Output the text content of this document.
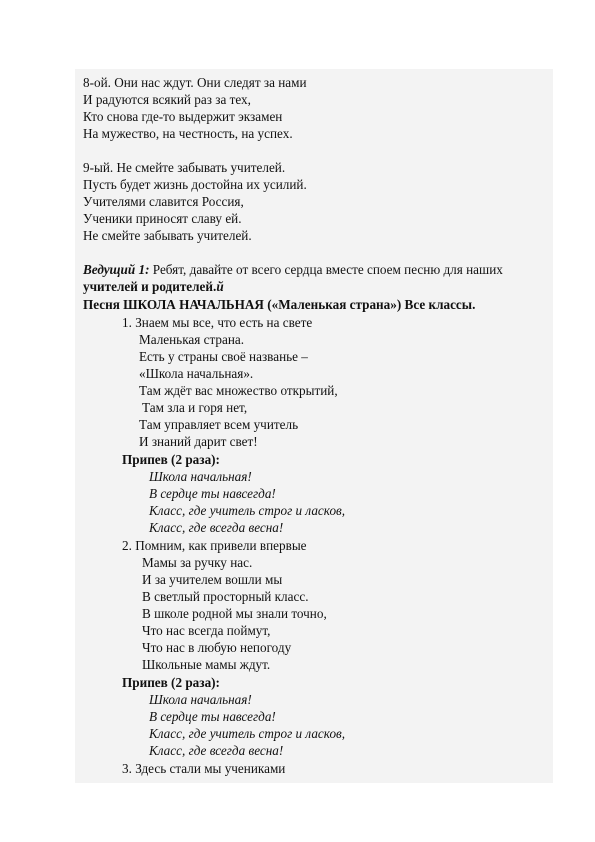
8-ой. Они нас ждут. Они следят за нами
И радуются всякий раз за тех,
Кто снова где-то выдержит экзамен
На мужество, на честность, на успех.
9-ый. Не смейте забывать учителей.
Пусть будет жизнь достойна их усилий.
Учителями славится Россия,
Ученики приносят славу ей.
Не смейте забывать учителей.
Ведущий 1: Ребят, давайте от всего сердца вместе споем песню для наших
учителей и родителей.й
Песня ШКОЛА НАЧАЛЬНАЯ («Маленькая страна») Все классы.
1. Знаем мы все, что есть на свете
Маленькая страна.
Есть у страны своё названье –
«Школа начальная».
Там ждёт вас множество открытий,
Там зла и горя нет,
Там управляет всем учитель
И знаний дарит свет!
Припев (2 раза):
Школа начальная!
В сердце ты навсегда!
Класс, где учитель строг и ласков,
Класс, где всегда весна!
2. Помним, как привели впервые
Мамы за ручку нас.
И за учителем вошли мы
В светлый просторный класс.
В школе родной мы знали точно,
Что нас всегда поймут,
Что нас в любую непогоду
Школьные мамы ждут.
Припев (2 раза):
Школа начальная!
В сердце ты навсегда!
Класс, где учитель строг и ласков,
Класс, где всегда весна!
3. Здесь стали мы учениками
